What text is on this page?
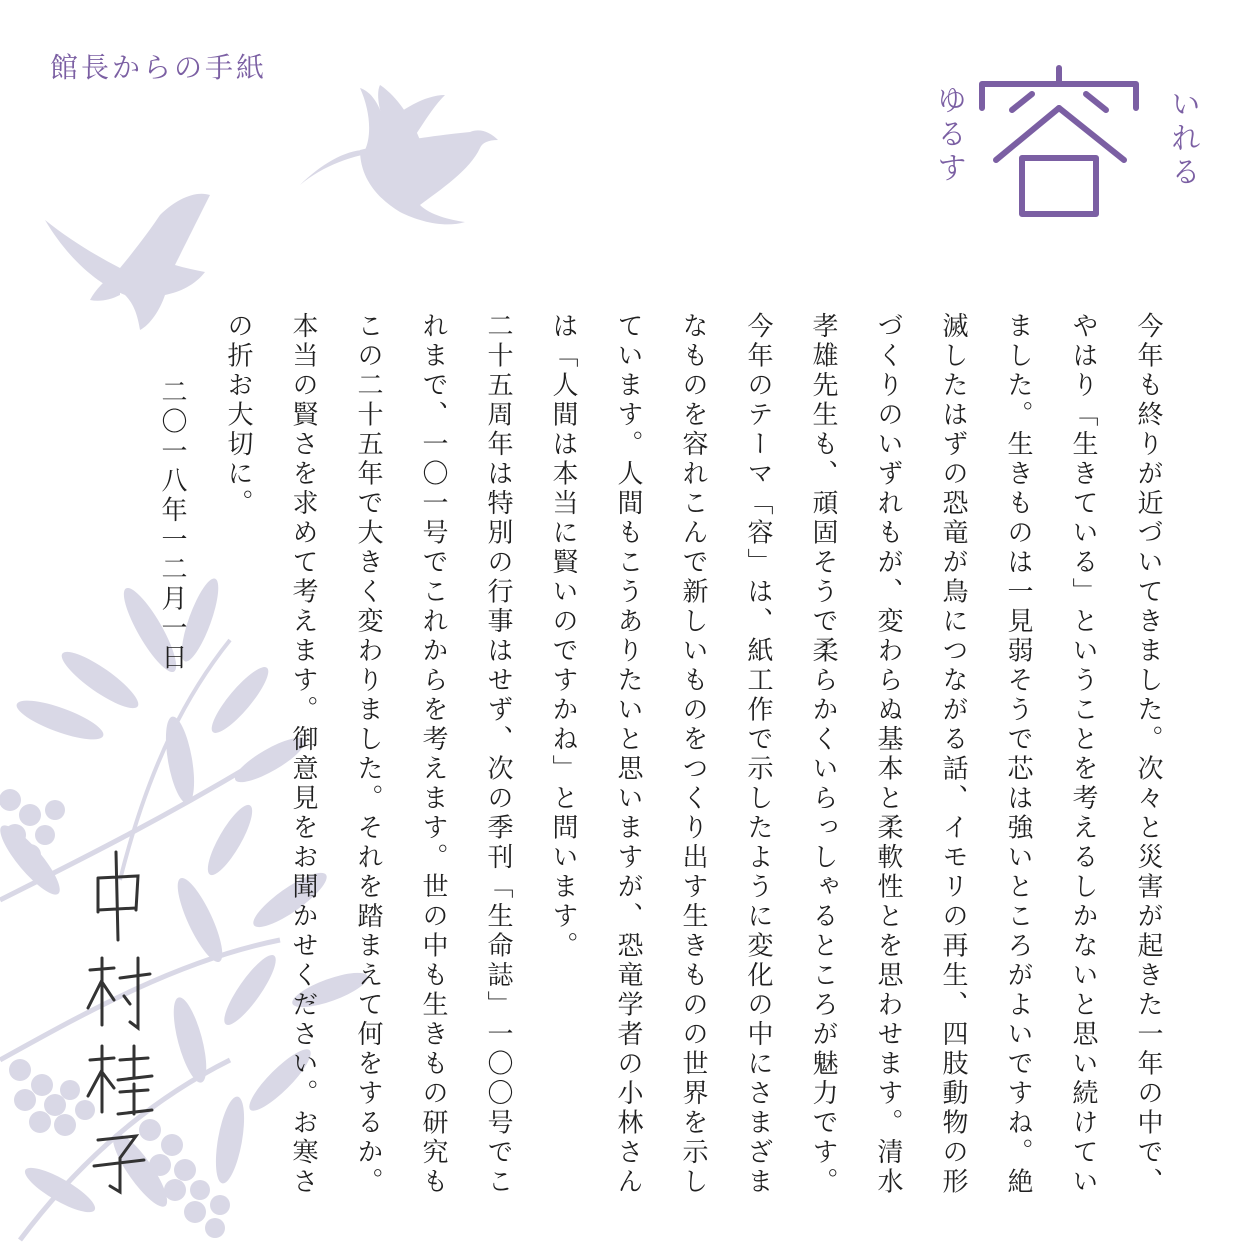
館長からの手紙
ゆるす	いれる

今年も終りが近づいてきました。次々と災害が起きた一年の中で、やはり「生きている」ということを考えるしかないと思い続けていました。生きものは一見弱そうで芯は強いところがよいですね。絶滅したはずの恐竜が鳥につながる話、イモリの再生、四肢動物の形づくりのいずれもが、変わらぬ基本と柔軟性とを思わせます。清水孝雄先生も、頑固そうで柔らかくいらっしゃるところが魅力です。

今年のテーマ「容」は、紙工作で示したように変化の中にさまざまなものを容れこんで新しいものをつくり出す生きものの世界を示しています。人間もこうありたいと思いますが、恐竜学者の小林さんは「人間は本当に賢いのですかね」と問います。

二十五周年は特別の行事はせず、次の季刊「生命誌」一〇〇号でこれまで、一〇一号でこれからを考えます。世の中も生きもの研究もこの二十五年で大きく変わりました。それを踏まえて何をするか。本当の賢さを求めて考えます。御意見をお聞かせください。お寒さの折お大切に。

二〇一八年一二月一日
